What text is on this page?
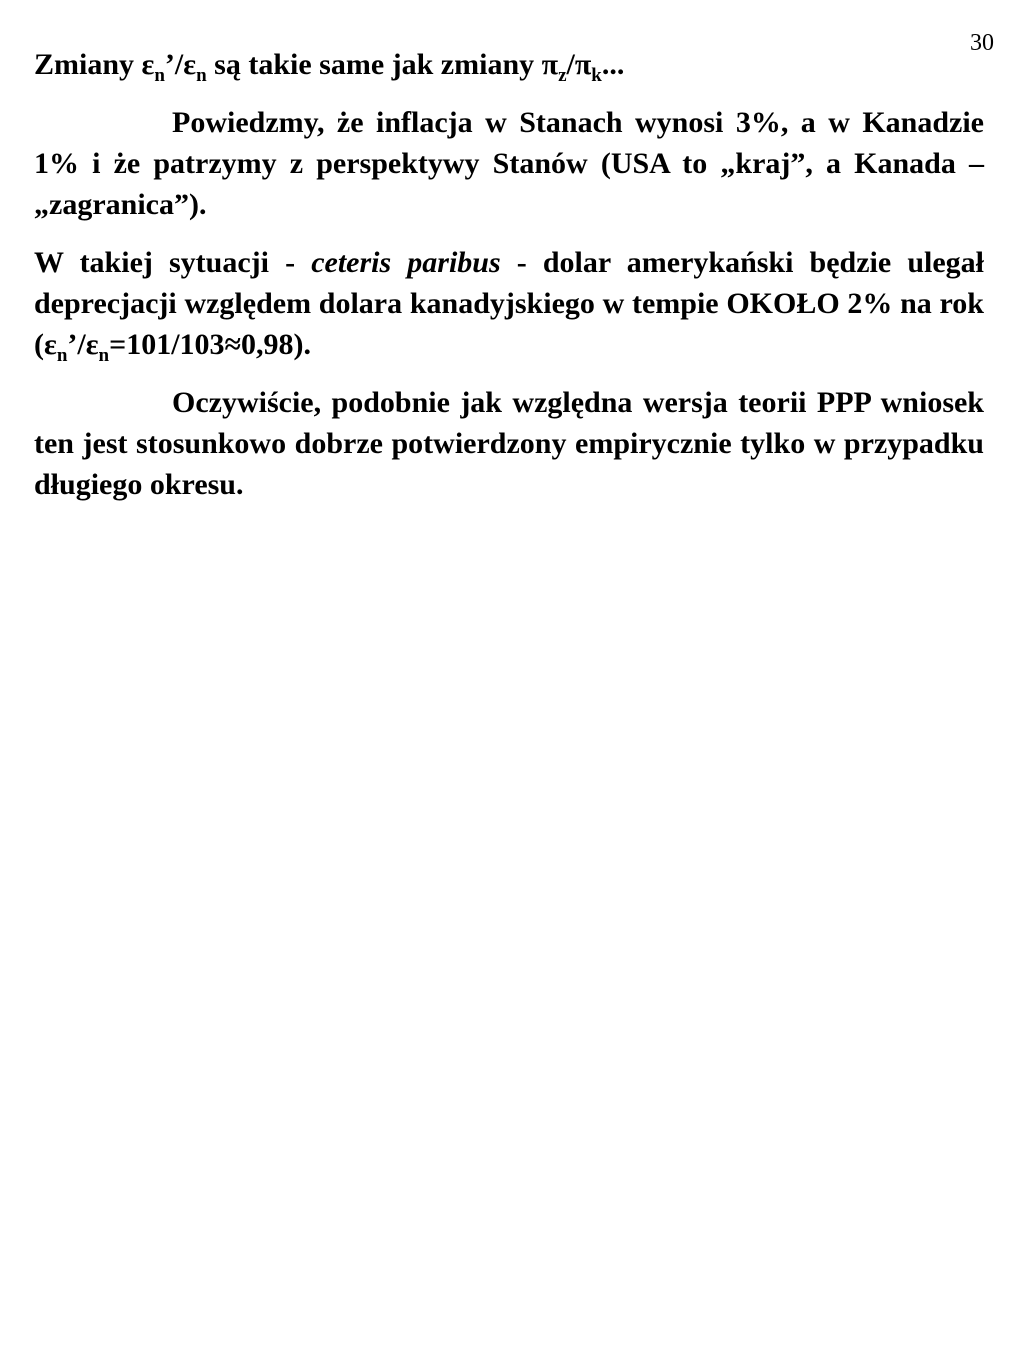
30

Zmiany $\varepsilon_n’/\varepsilon_n$ są takie same jak zmiany $\pi_z/\pi_k$...

Powiedzmy, że inflacja w Stanach wynosi 3%, a w Kanadzie 1% i że patrzymy z perspektywy Stanów (USA to „kraj”, a Kanada – „zagranica”).

W takiej sytuacji - ceteris paribus - dolar amerykański będzie ulegał deprecjacji względem dolara kanadyjskiego w tempie OKOŁO 2% na rok $(\varepsilon_n’/\varepsilon_n=101/103\approx 0,98)$.

Oczywiście, podobnie jak względna wersja teorii PPP wniosek ten jest stosunkowo dobrze potwierdzony empirycznie tylko w przypadku długiego okresu.
